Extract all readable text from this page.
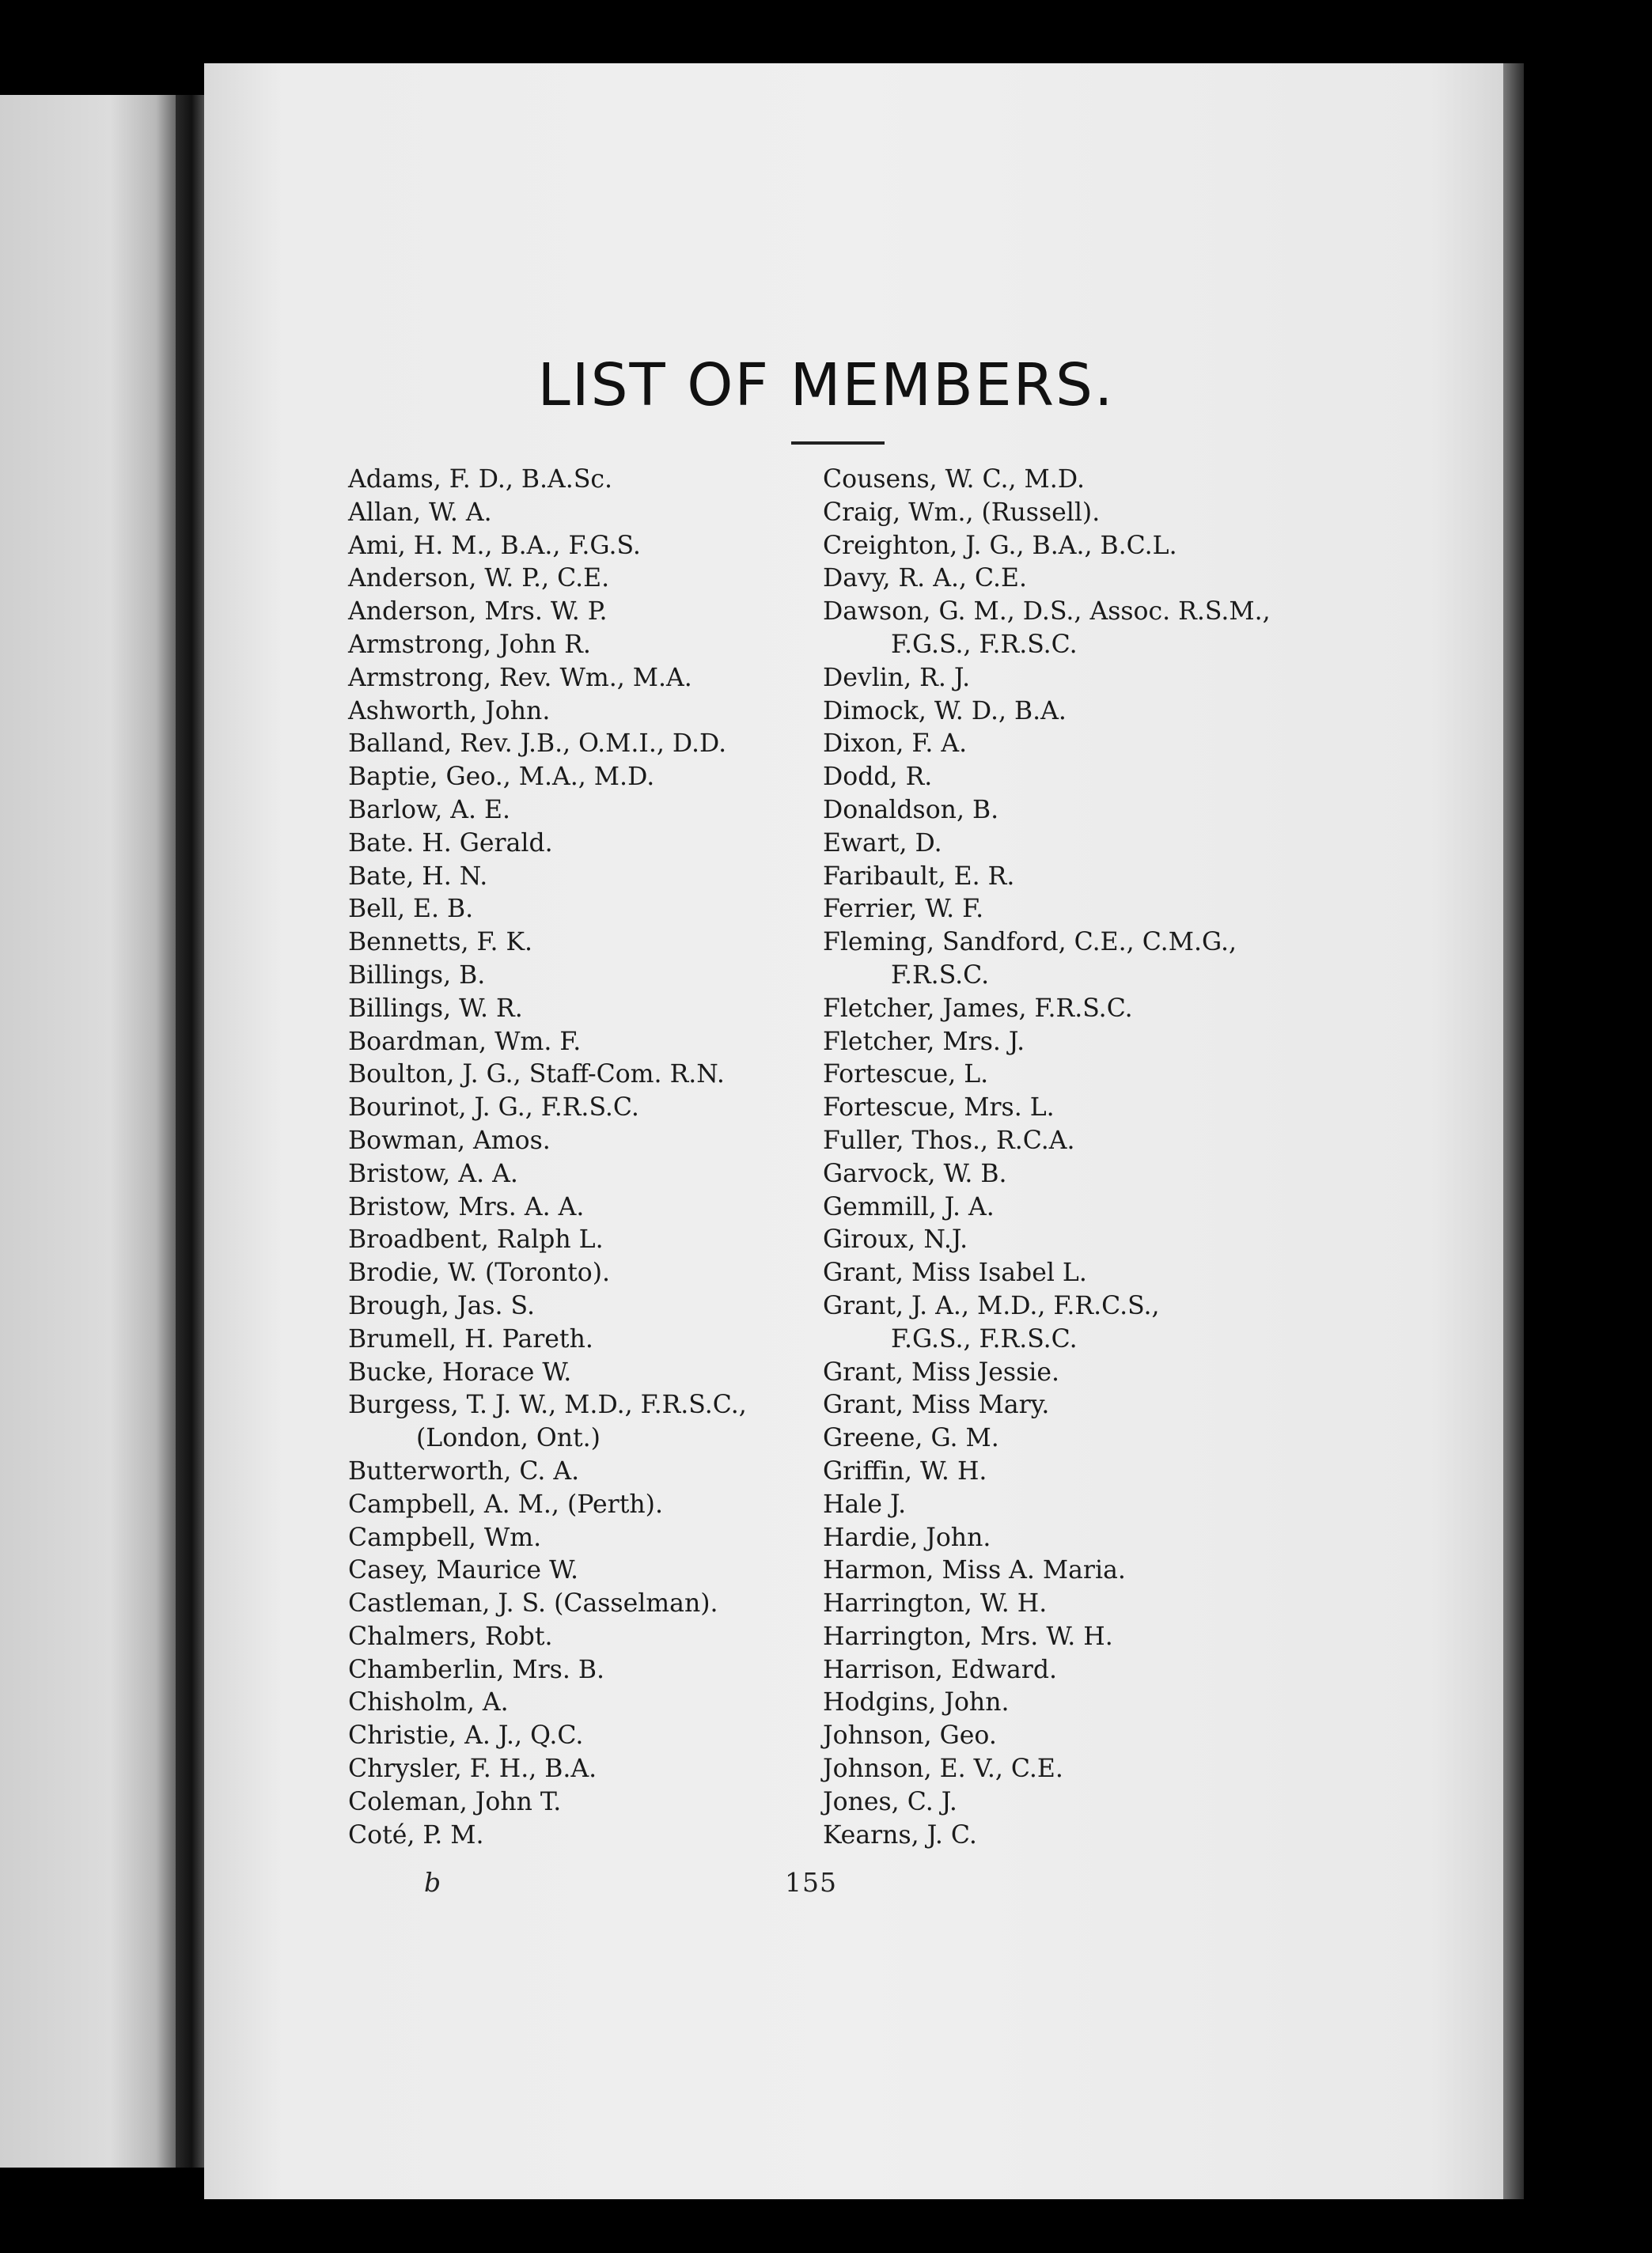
LIST OF MEMBERS.
Adams, F. D., B.A.Sc.
Allan, W. A.
Ami, H. M., B.A., F.G.S.
Anderson, W. P., C.E.
Anderson, Mrs. W. P.
Armstrong, John R.
Armstrong, Rev. Wm., M.A.
Ashworth, John.
Balland, Rev. J.B., O.M.I., D.D.
Baptie, Geo., M.A., M.D.
Barlow, A. E.
Bate. H. Gerald.
Bate, H. N.
Bell, E. B.
Bennetts, F. K.
Billings, B.
Billings, W. R.
Boardman, Wm. F.
Boulton, J. G., Staff-Com. R.N.
Bourinot, J. G., F.R.S.C.
Bowman, Amos.
Bristow, A. A.
Bristow, Mrs. A. A.
Broadbent, Ralph L.
Brodie, W. (Toronto).
Brough, Jas. S.
Brumell, H. Pareth.
Bucke, Horace W.
Burgess, T. J. W., M.D., F.R.S.C.,
(London, Ont.)
Butterworth, C. A.
Campbell, A. M., (Perth).
Campbell, Wm.
Casey, Maurice W.
Castleman, J. S. (Casselman).
Chalmers, Robt.
Chamberlin, Mrs. B.
Chisholm, A.
Christie, A. J., Q.C.
Chrysler, F. H., B.A.
Coleman, John T.
Coté, P. M.
Cousens, W. C., M.D.
Craig, Wm., (Russell).
Creighton, J. G., B.A., B.C.L.
Davy, R. A., C.E.
Dawson, G. M., D.S., Assoc. R.S.M.,
F.G.S., F.R.S.C.
Devlin, R. J.
Dimock, W. D., B.A.
Dixon, F. A.
Dodd, R.
Donaldson, B.
Ewart, D.
Faribault, E. R.
Ferrier, W. F.
Fleming, Sandford, C.E., C.M.G.,
F.R.S.C.
Fletcher, James, F.R.S.C.
Fletcher, Mrs. J.
Fortescue, L.
Fortescue, Mrs. L.
Fuller, Thos., R.C.A.
Garvock, W. B.
Gemmill, J. A.
Giroux, N.J.
Grant, Miss Isabel L.
Grant, J. A., M.D., F.R.C.S.,
F.G.S., F.R.S.C.
Grant, Miss Jessie.
Grant, Miss Mary.
Greene, G. M.
Griffin, W. H.
Hale J.
Hardie, John.
Harmon, Miss A. Maria.
Harrington, W. H.
Harrington, Mrs. W. H.
Harrison, Edward.
Hodgins, John.
Johnson, Geo.
Johnson, E. V., C.E.
Jones, C. J.
Kearns, J. C.
b	155
